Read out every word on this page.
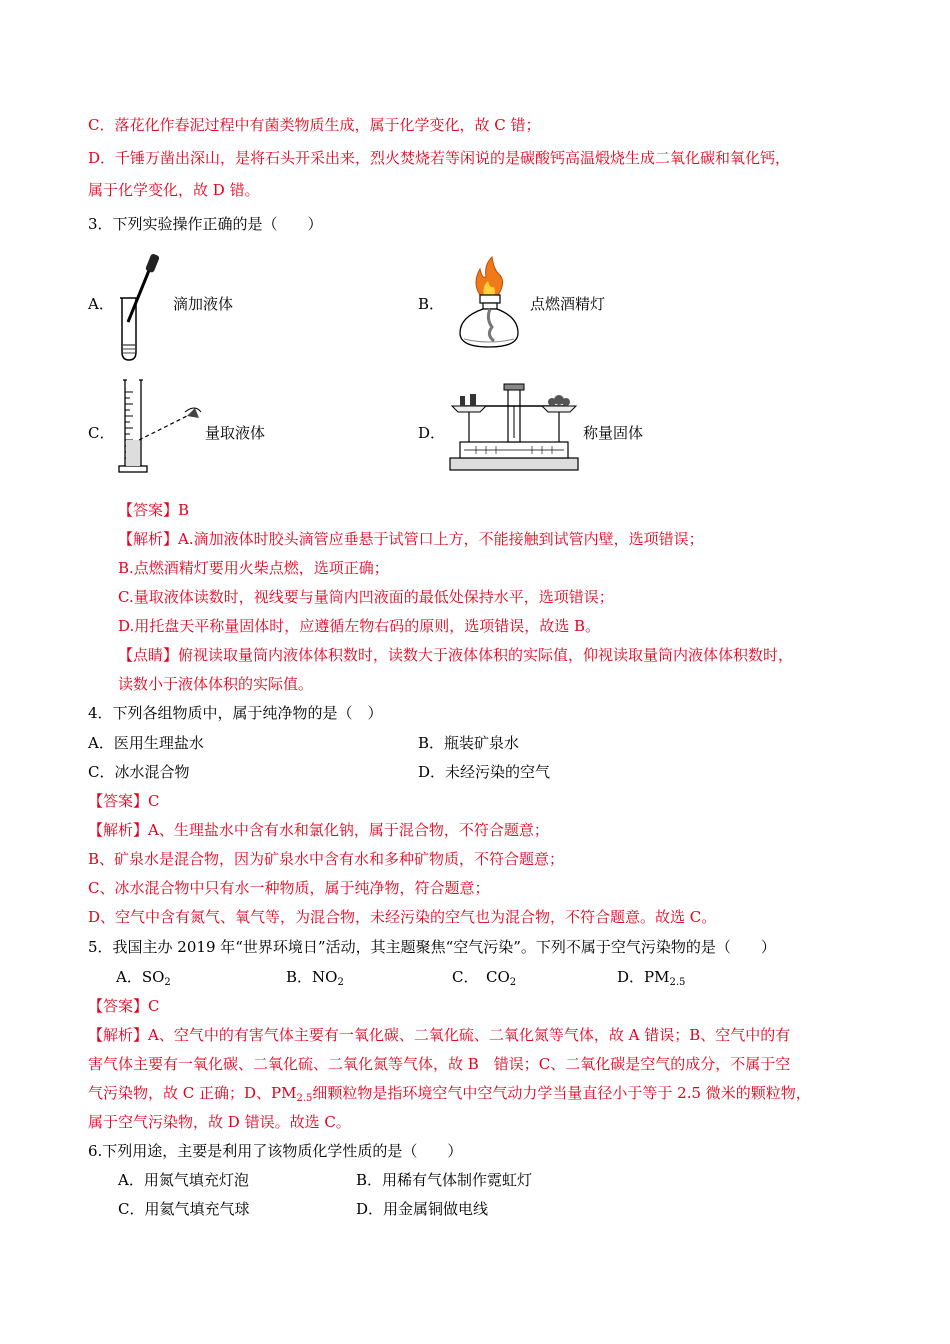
C．落花化作春泥过程中有菌类物质生成，属于化学变化，故 C 错；
D．千锤万凿出深山，是将石头开采出来，烈火焚烧若等闲说的是碳酸钙高温煅烧生成二氧化碳和氧化钙，
属于化学变化，故 D 错。
3．下列实验操作正确的是（　　）
A．	滴加液体	B．	点燃酒精灯
C．	量取液体	D．	称量固体
【答案】B
【解析】A.滴加液体时胶头滴管应垂悬于试管口上方，不能接触到试管内壁，选项错误；
B.点燃酒精灯要用火柴点燃，选项正确；
C.量取液体读数时，视线要与量筒内凹液面的最低处保持水平，选项错误；
D.用托盘天平称量固体时，应遵循左物右码的原则，选项错误，故选 B。
【点睛】俯视读取量筒内液体体积数时，读数大于液体体积的实际值，仰视读取量筒内液体体积数时，
读数小于液体体积的实际值。
4．下列各组物质中，属于纯净物的是（　）
A．医用生理盐水	B．瓶装矿泉水
C．冰水混合物	D．未经污染的空气
【答案】C
【解析】A、生理盐水中含有水和氯化钠，属于混合物，不符合题意；
B、矿泉水是混合物，因为矿泉水中含有水和多种矿物质，不符合题意；
C、冰水混合物中只有水一种物质，属于纯净物，符合题意；
D、空气中含有氮气、氧气等，为混合物，未经污染的空气也为混合物，不符合题意。故选 C。
5．我国主办 2019 年“世界环境日”活动，其主题聚焦“空气污染”。下列不属于空气污染物的是（　　）
A．$SO_2$	B．$NO_2$	C．　$CO_2$	D．$PM_{2.5}$
【答案】C
【解析】A、空气中的有害气体主要有一氧化碳、二氧化硫、二氧化氮等气体，故 A 错误；B、空气中的有
害气体主要有一氧化碳、二氧化硫、二氧化氮等气体，故 B　错误；C、二氧化碳是空气的成分，不属于空
气污染物，故 C 正确；D、$PM_{2.5}$细颗粒物是指环境空气中空气动力学当量直径小于等于 2.5 微米的颗粒物，
属于空气污染物，故 D 错误。故选 C。
6.下列用途，主要是利用了该物质化学性质的是（　　）
A．用氮气填充灯泡	B．用稀有气体制作霓虹灯
C．用氦气填充气球	D．用金属铜做电线
